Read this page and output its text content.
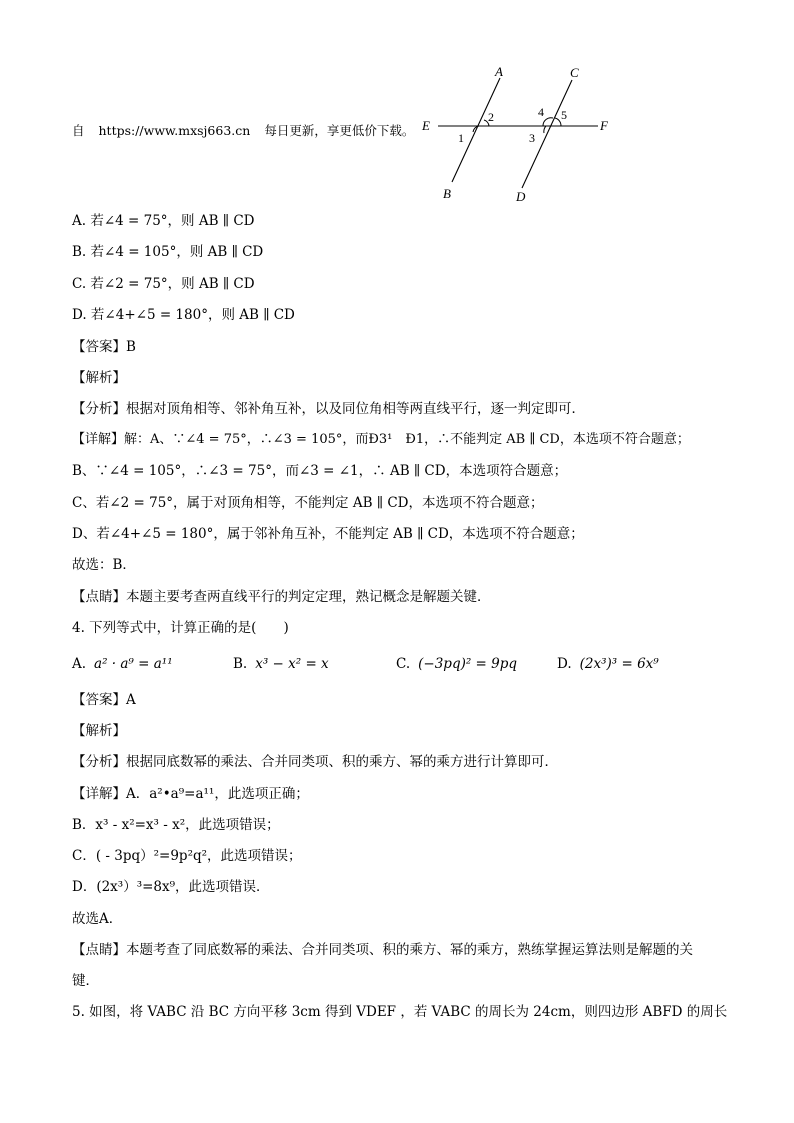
自 https://www.mxsj663.cn 每日更新，享更低价下载。
A
B
C
D
E	F
1
2
3
4 5
A. 若∠4 = 75°，则 AB ∥ CD
B. 若∠4 = 105°，则 AB ∥ CD
C. 若∠2 = 75°，则 AB ∥ CD
D. 若∠4+∠5 = 180°，则 AB ∥ CD
【答案】B
【解析】
【分析】根据对顶角相等、邻补角互补，以及同位角相等两直线平行，逐一判定即可．
【详解】解：A、∵∠4 = 75°，∴∠3 = 105°，而Ð3¹　Ð1，∴不能判定 AB ∥ CD，本选项不符合题意；
B、∵∠4 = 105°，∴∠3 = 75°，而∠3 = ∠1，∴ AB ∥ CD，本选项符合题意；
C、若∠2 = 75°，属于对顶角相等，不能判定 AB ∥ CD，本选项不符合题意；
D、若∠4+∠5 = 180°，属于邻补角互补，不能判定 AB ∥ CD，本选项不符合题意；
故选：B．
【点睛】本题主要考查两直线平行的判定定理，熟记概念是解题关键．
4. 下列等式中，计算正确的是(　　)
A. a² · a⁹ = a¹¹	B. x³ − x² = x	C. (−3pq)² = 9pq	D. (2x³)³ = 6x⁹
【答案】A
【解析】
【分析】根据同底数幂的乘法、合并同类项、积的乘方、幂的乘方进行计算即可．
【详解】A．a²•a⁹=a¹¹，此选项正确；
B．x³ - x²=x³ - x²，此选项错误；
C．( - 3pq）²=9p²q²，此选项错误；
D．(2x³）³=8x⁹，此选项错误．
故选A．
【点睛】本题考查了同底数幂的乘法、合并同类项、积的乘方、幂的乘方，熟练掌握运算法则是解题的关
键．
5. 如图，将 VABC 沿 BC 方向平移 3cm 得到 VDEF ，若 VABC 的周长为 24cm，则四边形 ABFD 的周长
